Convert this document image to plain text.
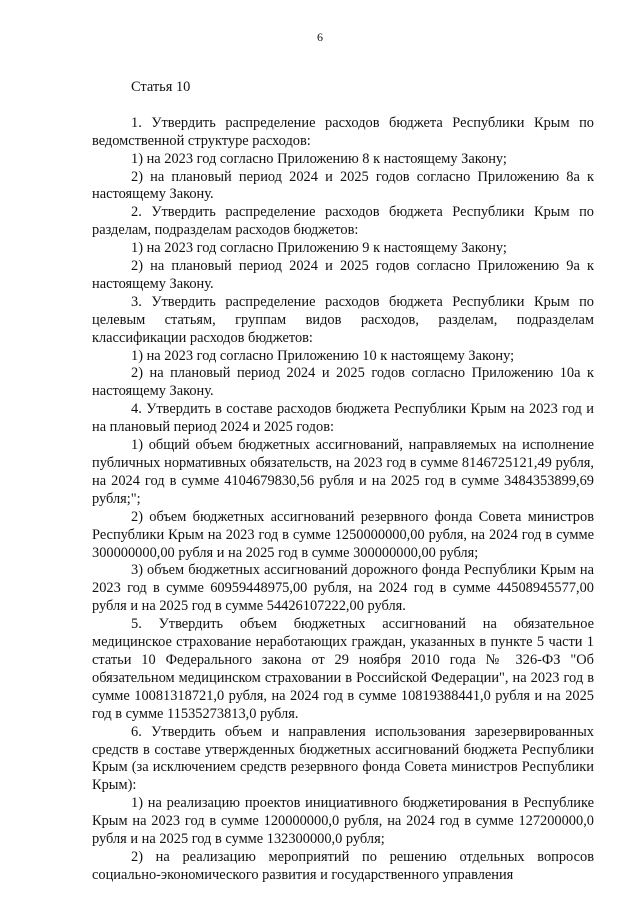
6
Статья 10

1. Утвердить распределение расходов бюджета Республики Крым по ведомственной структуре расходов:

1) на 2023 год согласно Приложению 8 к настоящему Закону;

2) на плановый период 2024 и 2025 годов согласно Приложению 8а к настоящему Закону.

2. Утвердить распределение расходов бюджета Республики Крым по разделам, подразделам расходов бюджетов:

1) на 2023 год согласно Приложению 9 к настоящему Закону;

2) на плановый период 2024 и 2025 годов согласно Приложению 9а к настоящему Закону.

3. Утвердить распределение расходов бюджета Республики Крым по целевым статьям, группам видов расходов, разделам, подразделам классификации расходов бюджетов:

1) на 2023 год согласно Приложению 10 к настоящему Закону;

2) на плановый период 2024 и 2025 годов согласно Приложению 10а к настоящему Закону.

4. Утвердить в составе расходов бюджета Республики Крым на 2023 год и на плановый период 2024 и 2025 годов:

1) общий объем бюджетных ассигнований, направляемых на исполнение публичных нормативных обязательств, на 2023 год в сумме 8146725121,49 рубля, на 2024 год в сумме 4104679830,56 рубля и на 2025 год в сумме 3484353899,69 рубля;";

2) объем бюджетных ассигнований резервного фонда Совета министров Республики Крым на 2023 год в сумме 1250000000,00 рубля, на 2024 год в сумме 300000000,00 рубля и на 2025 год в сумме 300000000,00 рубля;

3) объем бюджетных ассигнований дорожного фонда Республики Крым на 2023 год в сумме 60959448975,00 рубля, на 2024 год в сумме 44508945577,00 рубля и на 2025 год в сумме 54426107222,00 рубля.

5. Утвердить объем бюджетных ассигнований на обязательное медицинское страхование неработающих граждан, указанных в пункте 5 части 1 статьи 10 Федерального закона от 29 ноября 2010 года № 326-ФЗ "Об обязательном медицинском страховании в Российской Федерации", на 2023 год в сумме 10081318721,0 рубля, на 2024 год в сумме 10819388441,0 рубля и на 2025 год в сумме 11535273813,0 рубля.

6. Утвердить объем и направления использования зарезервированных средств в составе утвержденных бюджетных ассигнований бюджета Республики Крым (за исключением средств резервного фонда Совета министров Республики Крым):

1) на реализацию проектов инициативного бюджетирования в Республике Крым на 2023 год в сумме 120000000,0 рубля, на 2024 год в сумме 127200000,0 рубля и на 2025 год в сумме 132300000,0 рубля;

2) на реализацию мероприятий по решению отдельных вопросов социально-экономического развития и государственного управления
